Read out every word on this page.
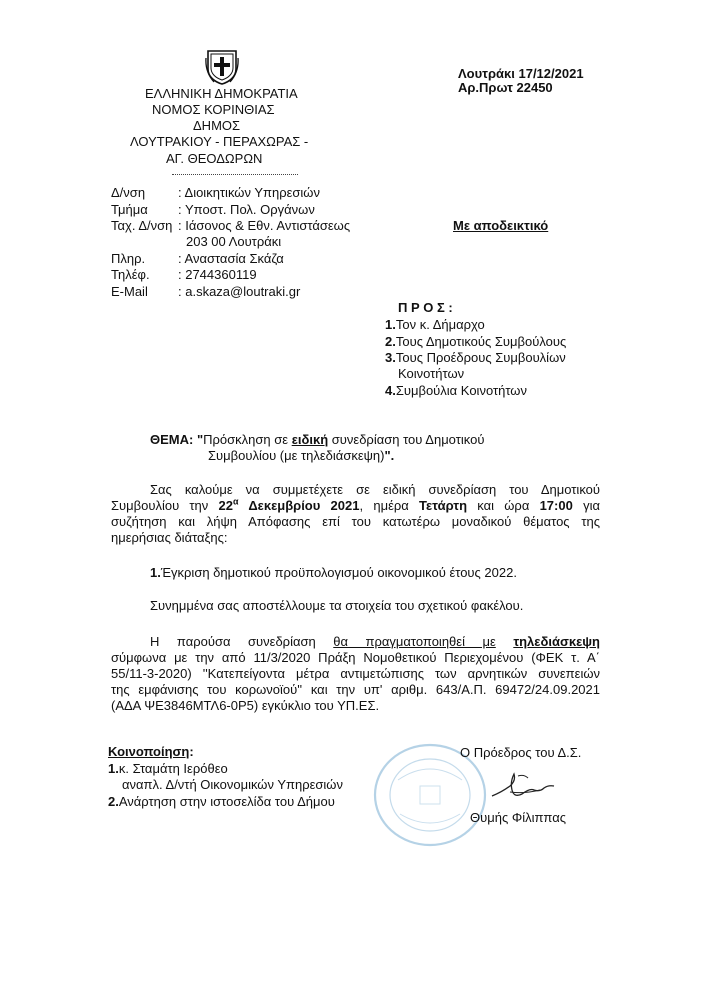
ΕΛΛΗΝΙΚΗ ΔΗΜΟΚΡΑΤΙΑ
ΝΟΜΟΣ ΚΟΡΙΝΘΙΑΣ
ΔΗΜΟΣ
ΛΟΥΤΡΑΚΙΟΥ - ΠΕΡΑΧΩΡΑΣ -
ΑΓ. ΘΕΟΔΩΡΩΝ
Λουτράκι 17/12/2021
Αρ.Πρωτ 22450
Με αποδεικτικό
Δ/νση	: Διοικητικών Υπηρεσιών
Τμήμα : Υποστ. Πολ. Οργάνων
Ταχ. Δ/νση : Ιάσονος & Εθν. Αντιστάσεως
203 00 Λουτράκι
Πληρ.	: Αναστασία Σκάζα
Τηλέφ. : 2744360119
E-Mail : a.skaza@loutraki.gr
Π Ρ Ο Σ :
1.Τον κ. Δήμαρχο
2.Τους Δημοτικούς Συμβούλους
3.Τους Προέδρους Συμβουλίων
Κοινοτήτων
4.Συμβούλια Κοινοτήτων
ΘΕΜΑ: "Πρόσκληση σε ειδική συνεδρίαση του Δημοτικού
Συμβουλίου (με τηλεδιάσκεψη)".
Σας καλούμε να συμμετέχετε σε ειδική συνεδρίαση του Δημοτικού
Συμβουλίου την $22^\alpha$ Δεκεμβρίου 2021, ημέρα Τετάρτη και ώρα 17:00 για
συζήτηση και λήψη Απόφασης επί του κατωτέρω μοναδικού θέματος της
ημερήσιας διάταξης:
1.Έγκριση δημοτικού προϋπολογισμού οικονομικού έτους 2022.
Συνημμένα σας αποστέλλουμε τα στοιχεία του σχετικού φακέλου.
Η παρούσα συνεδρίαση θα πραγματοποιηθεί με τηλεδιάσκεψη
σύμφωνα με την από 11/3/2020 Πράξη Νομοθετικού Περιεχομένου (ΦΕΚ τ. Α΄
55/11-3-2020) ''Κατεπείγοντα μέτρα αντιμετώπισης των αρνητικών συνεπειών
της εμφάνισης του κορωνοϊού'' και την υπ' αριθμ. 643/Α.Π. 69472/24.09.2021
(ΑΔΑ ΨΕ3846ΜΤΛ6-0Ρ5) εγκύκλιο του ΥΠ.ΕΣ.
Κοινοποίηση:
1.κ. Σταμάτη Ιερόθεο
αναπλ. Δ/ντή Οικονομικών Υπηρεσιών
2.Ανάρτηση στην ιστοσελίδα του Δήμου
Ο Πρόεδρος του Δ.Σ.
Θυμής Φίλιππας
